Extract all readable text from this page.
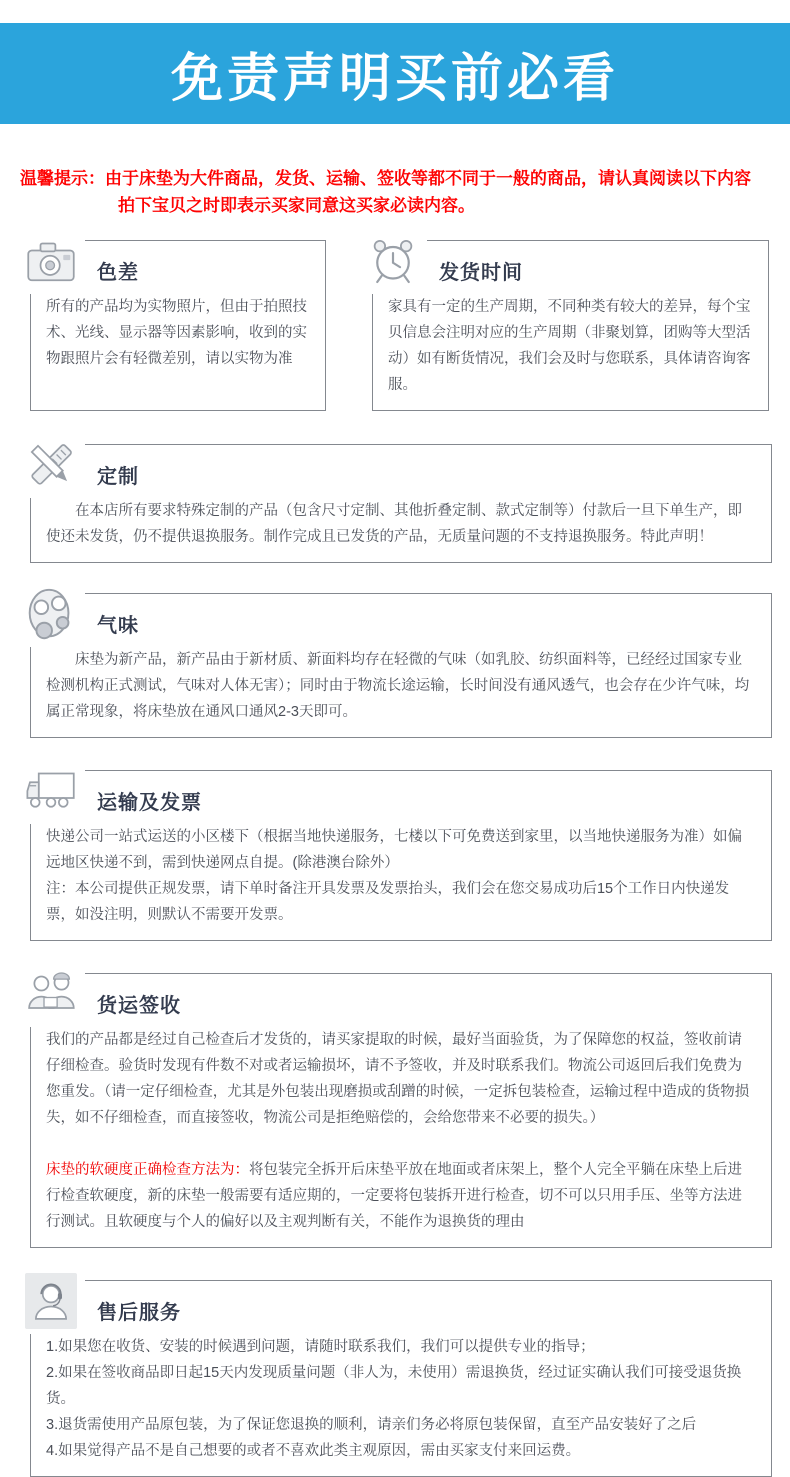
免责声明买前必看
温馨提示：由于床垫为大件商品，发货、运输、签收等都不同于一般的商品，请认真阅读以下内容
拍下宝贝之时即表示买家同意这买家必读内容。
色差

所有的产品均为实物照片，但由于拍照技术、光线、显示器等因素影响，收到的实物跟照片会有轻微差别，请以实物为准

发货时间

家具有一定的生产周期，不同种类有较大的差异，每个宝贝信息会注明对应的生产周期（非聚划算，团购等大型活动）如有断货情况，我们会及时与您联系，具体请咨询客服。

定制

在本店所有要求特殊定制的产品（包含尺寸定制、其他折叠定制、款式定制等）付款后一旦下单生产，即使还未发货，仍不提供退换服务。制作完成且已发货的产品，无质量问题的不支持退换服务。特此声明！

气味

床垫为新产品，新产品由于新材质、新面料均存在轻微的气味（如乳胶、纺织面料等，已经经过国家专业检测机构正式测试，气味对人体无害）；同时由于物流长途运输，长时间没有通风透气，也会存在少许气味，均属正常现象，将床垫放在通风口通风2-3天即可。

运输及发票

快递公司一站式运送的小区楼下（根据当地快递服务，七楼以下可免费送到家里，以当地快递服务为准）如偏远地区快递不到，需到快递网点自提。(除港澳台除外）

注：本公司提供正规发票，请下单时备注开具发票及发票抬头，我们会在您交易成功后15个工作日内快递发票，如没注明，则默认不需要开发票。

货运签收

我们的产品都是经过自己检查后才发货的，请买家提取的时候，最好当面验货，为了保障您的权益，签收前请仔细检查。验货时发现有件数不对或者运输损坏，请不予签收，并及时联系我们。物流公司返回后我们免费为您重发。（请一定仔细检查，尤其是外包装出现磨损或刮蹭的时候，一定拆包装检查，运输过程中造成的货物损失，如不仔细检查，而直接签收，物流公司是拒绝赔偿的，会给您带来不必要的损失。）

床垫的软硬度正确检查方法为：将包装完全拆开后床垫平放在地面或者床架上，整个人完全平躺在床垫上后进行检查软硬度，新的床垫一般需要有适应期的，一定要将包装拆开进行检查，切不可以只用手压、坐等方法进行测试。且软硬度与个人的偏好以及主观判断有关，不能作为退换货的理由

售后服务

1.如果您在收货、安装的时候遇到问题，请随时联系我们，我们可以提供专业的指导；

2.如果在签收商品即日起15天内发现质量问题（非人为，未使用）需退换货，经过证实确认我们可接受退货换货。

3.退货需使用产品原包装，为了保证您退换的顺利，请亲们务必将原包装保留，直至产品安装好了之后

4.如果觉得产品不是自己想要的或者不喜欢此类主观原因，需由买家支付来回运费。
